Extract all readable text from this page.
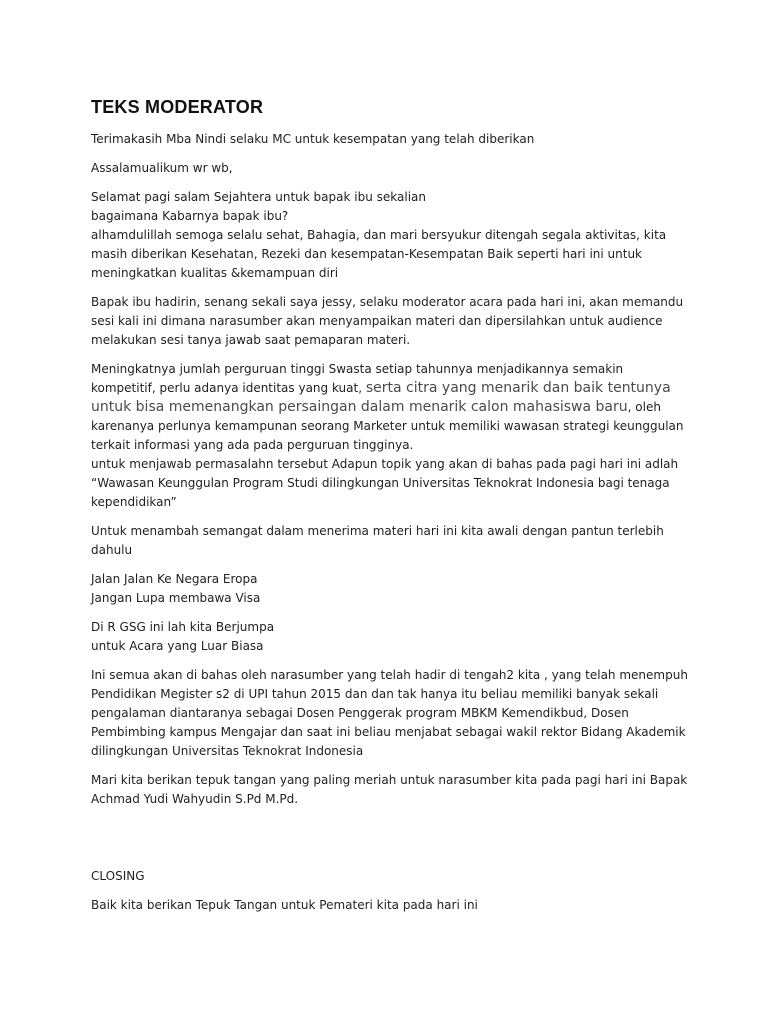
TEKS MODERATOR

Terimakasih Mba Nindi selaku MC untuk kesempatan yang telah diberikan

Assalamualikum wr wb,

Selamat pagi salam Sejahtera untuk bapak ibu sekalian
bagaimana Kabarnya bapak ibu?
alhamdulillah semoga selalu sehat, Bahagia, dan mari bersyukur ditengah segala aktivitas, kita masih diberikan Kesehatan, Rezeki dan kesempatan-Kesempatan Baik seperti hari ini untuk meningkatkan kualitas &kemampuan diri

Bapak ibu hadirin, senang sekali saya jessy, selaku moderator acara pada hari ini, akan memandu sesi kali ini dimana narasumber akan menyampaikan materi dan dipersilahkan untuk audience melakukan sesi tanya jawab saat pemaparan materi.

Meningkatnya jumlah perguruan tinggi Swasta setiap tahunnya menjadikannya semakin kompetitif, perlu adanya identitas yang kuat, serta citra yang menarik dan baik tentunya untuk bisa memenangkan persaingan dalam menarik calon mahasiswa baru, oleh karenanya perlunya kemampunan seorang Marketer untuk memiliki wawasan strategi keunggulan terkait informasi yang ada pada perguruan tingginya.
untuk menjawab permasalahn tersebut Adapun topik yang akan di bahas pada pagi hari ini adlah “Wawasan Keunggulan Program Studi dilingkungan Universitas Teknokrat Indonesia bagi tenaga kependidikan”

Untuk menambah semangat dalam menerima materi hari ini kita awali dengan pantun terlebih dahulu

Jalan Jalan Ke Negara Eropa
Jangan Lupa membawa Visa

Di R GSG ini lah kita Berjumpa
untuk Acara yang Luar Biasa

Ini semua akan di bahas oleh narasumber yang telah hadir di tengah2 kita , yang telah menempuh Pendidikan Megister s2 di UPI tahun 2015 dan dan tak hanya itu beliau memiliki banyak sekali pengalaman diantaranya sebagai Dosen Penggerak program MBKM Kemendikbud, Dosen Pembimbing kampus Mengajar dan saat ini beliau menjabat sebagai wakil rektor Bidang Akademik dilingkungan Universitas Teknokrat Indonesia

Mari kita berikan tepuk tangan yang paling meriah untuk narasumber kita pada pagi hari ini Bapak Achmad Yudi Wahyudin S.Pd M.Pd.

CLOSING

Baik kita berikan Tepuk Tangan untuk Pemateri kita pada hari ini
